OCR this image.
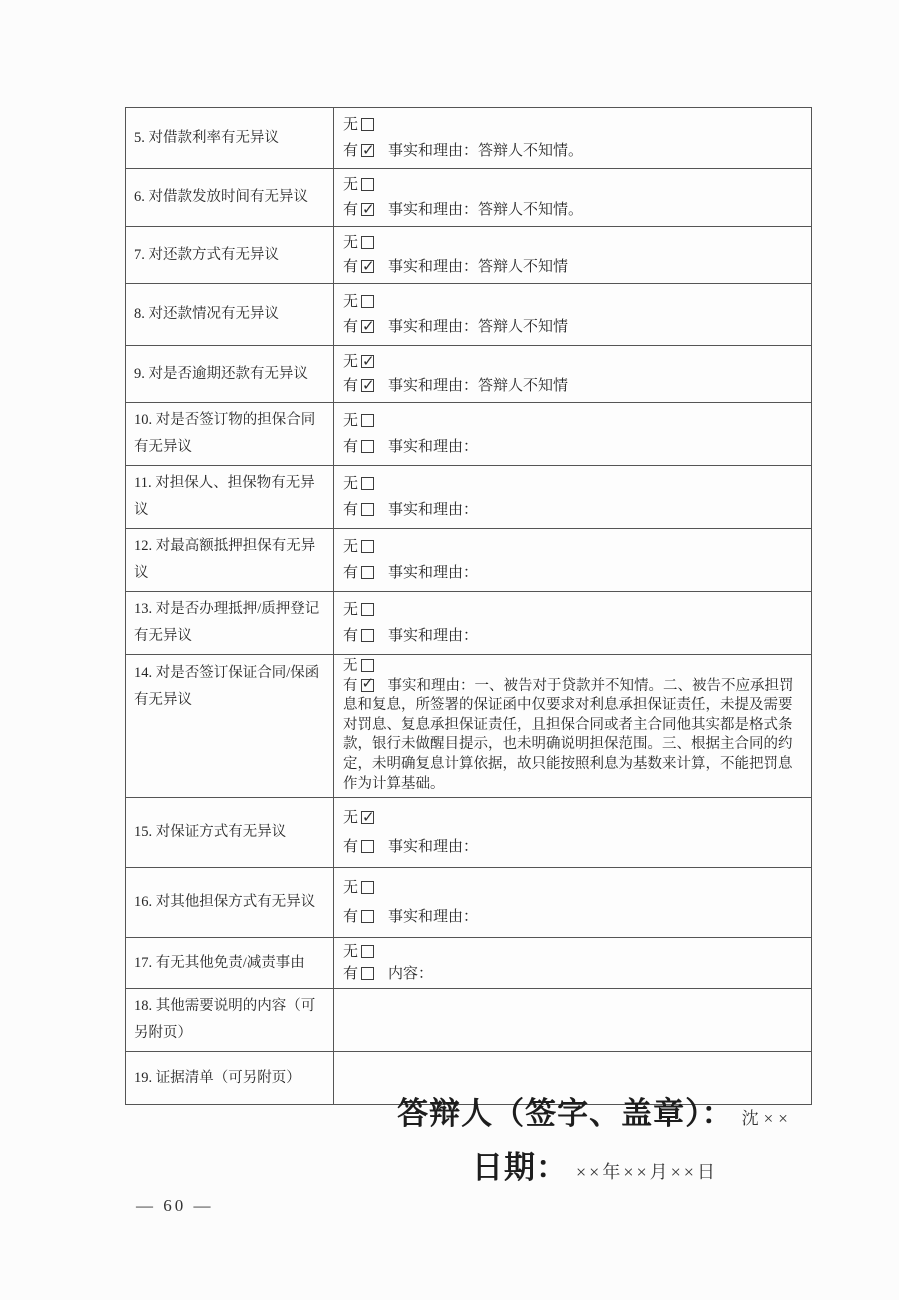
5. 对借款利率有无异议
无
有 ✓ 事实和理由：答辩人不知情。
6. 对借款发放时间有无异议
无
有 ✓ 事实和理由：答辩人不知情。
7. 对还款方式有无异议
无
有 ✓ 事实和理由：答辩人不知情
8. 对还款情况有无异议
无
有 ✓ 事实和理由：答辩人不知情
9. 对是否逾期还款有无异议
无✓
有 ✓ 事实和理由：答辩人不知情
10. 对是否签订物的担保合同有无异议
无
有 事实和理由：
11. 对担保人、担保物有无异议
无
有 事实和理由：
12. 对最高额抵押担保有无异议
无
有 事实和理由：
13. 对是否办理抵押/质押登记有无异议
无
有 事实和理由：
14. 对是否签订保证合同/保函有无异议
无
有 ✓ 事实和理由：一、被告对于贷款并不知情。二、被告不应承担罚息和复息，所签署的保证函中仅要求对利息承担保证责任，未提及需要对罚息、复息承担保证责任，且担保合同或者主合同他其实都是格式条款，银行未做醒目提示，也未明确说明担保范围。三、根据主合同的约定，未明确复息计算依据，故只能按照利息为基数来计算，不能把罚息作为计算基础。
15. 对保证方式有无异议
无✓
有 事实和理由：
16. 对其他担保方式有无异议
无
有 事实和理由：
17. 有无其他免责/减责事由
无
有 内容：
18. 其他需要说明的内容（可另附页）
19. 证据清单（可另附页）
答辩人（签字、盖章）： 沈××
日期： ××年××月××日
— 60 —
